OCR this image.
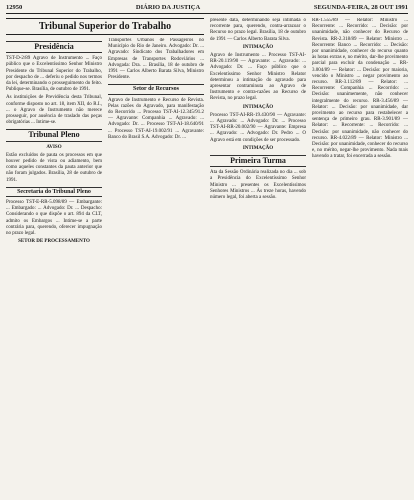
12950	DIÁRIO DA JUSTIÇA	SEGUNDA-FEIRA, 28 OUT 1991
Tribunal Superior do Trabalho
Presidência

TST-D-2/89 Agravo de Instrumento ... Faço público que o Excelentíssimo Senhor Ministro Presidente do Tribunal Superior do Trabalho, por despacho de ... deferiu o pedido nos termos da lei, determinando o prosseguimento do feito. Publique-se. Brasília, de outubro de 1991.

As instituições de Previdência desta Tribunal, conforme disposto no art. 18, item XII, do R.I., ... o Agravo de Instrumento não merece prosseguir, por ausência de traslado das peças obrigatórias ... Intime-se.

Tribunal Pleno
AVISO

Estão excluídos de pauta os processos em que houver pedido de vista ou adiamento, bem como aqueles constantes da pauta anterior que não foram julgados. Brasília, 28 de outubro de 1991.

Secretaria do Tribunal Pleno

Processo TST-E-RR-5.098/89 — Embargante: ... Embargado: ... Advogado: Dr. ... Despacho: Considerando o que dispõe o art. 894 da CLT, admito os Embargos ... Intime-se a parte contrária para, querendo, oferecer impugnação no prazo legal.

SETOR DE PROCESSAMENTO

Transportes Urbanos de Passageiros no Município do Rio de Janeiro. Advogado: Dr. ... Agravado: Sindicato dos Trabalhadores em Empresas de Transportes Rodoviários ... Advogada: Dra. ... Brasília, 18 de outubro de 1991 — Carlos Alberto Barata Silva, Ministro Presidente.

Setor de Recursos

Agravo de Instrumento e Recurso de Revista. Pelas razões do Agravado, para manifestação do Recorrido ... Processo TST-AI-12.345/91.2 — Agravante: Companhia ... Agravado: ... Advogado: Dr. ... Processo TST-AI-18.640/91 ... Processo TST-AI-19.002/91 ... Agravante: Banco do Brasil S.A. Advogado: Dr. ...

presente data, determinando seja intimada o recorrente para, querendo, contra-arrazoar o Recurso no prazo legal. Brasília, 18 de outubro de 1991 — Carlos Alberto Barata Silva.

INTIMAÇÃO

Agravo de Instrumento ... Processo TST-AI-RR-20.119/90 — Agravante: ... Agravado: ... Advogado: Dr. ... Faço público que o Excelentíssimo Senhor Ministro Relator determinou a intimação do agravado para apresentar contraminuta ao Agravo de Instrumento e contra-razões ao Recurso de Revista, no prazo legal.

INTIMAÇÃO

Processo TST-AI-RR-19.430/90 — Agravante: ... Agravado: ... Advogado: Dr. ... Processo TST-AI-RR-20.002/90 — Agravante: Empresa ... Agravado: ... Advogado: Dr. Pedro ... O Agravo está em condições de ser processado.

INTIMAÇÃO
Primeira Turma

Ata da Sessão Ordinária realizada no dia ... sob a Presidência do Excelentíssimo Senhor Ministro ... presentes os Excelentíssimos Senhores Ministros ... Às treze horas, havendo número legal, foi aberta a sessão.

RR-1.555/89 — Relator: Ministro ... Recorrente: ... Recorrido: ... Decisão: por unanimidade, não conhecer do Recurso de Revista. RR-2.318/89 — Relator: Ministro ... Recorrente: Banco ... Recorrido: ... Decisão: por unanimidade, conhecer do recurso quanto às horas extras e, no mérito, dar-lhe provimento parcial para excluir da condenação ... RR-3.004/89 — Relator: ... Decisão: por maioria, vencido o Ministro ... negar provimento ao recurso. RR-3.112/89 — Relator: ... Recorrente: Companhia ... Recorrido: ... Decisão: unanimemente, não conhecer integralmente do recurso. RR-3.456/89 — Relator: ... Decisão: por unanimidade, dar provimento ao recurso para restabelecer a sentença de primeiro grau. RR-3.901/89 — Relator: ... Recorrente: ... Recorrido: ... Decisão: por unanimidade, não conhecer do recurso. RR-4.022/89 — Relator: Ministro ... Decisão: por unanimidade, conhecer do recurso e, no mérito, negar-lhe provimento. Nada mais havendo a tratar, foi encerrada a sessão.
